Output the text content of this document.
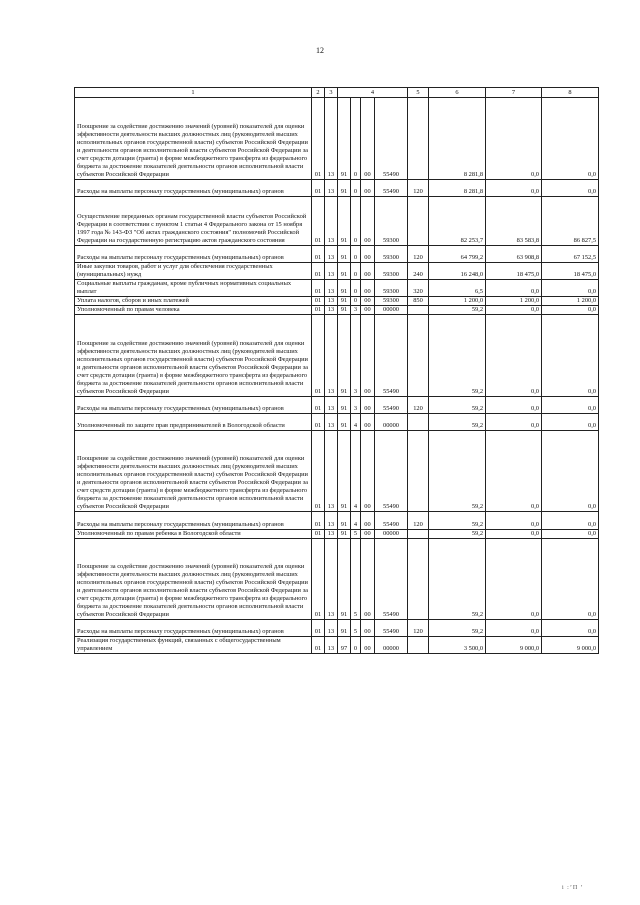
12
1	2	3	4				5	6	7	8
Поощрение за содействие достижению значений (уровней) показателей для оценки эффективности деятельности высших должностных лиц (руководителей высших исполнительных органов государственной власти) субъектов Российской Федерации и деятельности органов исполнительной власти субъектов Российской Федерации за счет средств дотации (гранта) в форме межбюджетного трансферта из федерального бюджета за достижение показателей деятельности органов исполнительной власти субъектов Российской Федерации	01	13	91	0	00	55490		8 281,8	0,0	0,0
Расходы на выплаты персоналу государственных (муниципальных) органов	01	13	91	0	00	55490	120	8 281,8	0,0	0,0
Осуществление переданных органам государственной власти субъектов Российской Федерации в соответствии с пунктом 1 статьи 4 Федерального закона от 15 ноября 1997 года № 143-ФЗ "Об актах гражданского состояния" полномочий Российской Федерации на государственную регистрацию актов гражданского состояния	01	13	91	0	00	59300		82 253,7	83 583,8	86 827,5
Расходы на выплаты персоналу государственных (муниципальных) органов	01	13	91	0	00	59300	120	64 799,2	63 908,8	67 152,5
Иные закупки товаров, работ и услуг для обеспечения государственных (муниципальных) нужд	01	13	91	0	00	59300	240	16 248,0	18 475,0	18 475,0
Социальные выплаты гражданам, кроме публичных нормативных социальных выплат	01	13	91	0	00	59300	320	6,5	0,0	0,0
Уплата налогов, сборов и иных платежей	01	13	91	0	00	59300	850	1 200,0	1 200,0	1 200,0
Уполномоченный по правам человека	01	13	91	3	00	00000		59,2	0,0	0,0
Поощрение за содействие достижению значений (уровней) показателей для оценки эффективности деятельности высших должностных лиц (руководителей высших исполнительных органов государственной власти) субъектов Российской Федерации и деятельности органов исполнительной власти субъектов Российской Федерации за счет средств дотации (гранта) в форме межбюджетного трансферта из федерального бюджета за достижение показателей деятельности органов исполнительной власти субъектов Российской Федерации	01	13	91	3	00	55490		59,2	0,0	0,0
Расходы на выплаты персоналу государственных (муниципальных) органов	01	13	91	3	00	55490	120	59,2	0,0	0,0
Уполномоченный по защите прав предпринимателей в Вологодской области	01	13	91	4	00	00000		59,2	0,0	0,0
Поощрение за содействие достижению значений (уровней) показателей для оценки эффективности деятельности высших должностных лиц (руководителей высших исполнительных органов государственной власти) субъектов Российской Федерации и деятельности органов исполнительной власти субъектов Российской Федерации за счет средств дотации (гранта) в форме межбюджетного трансферта из федерального бюджета за достижение показателей деятельности органов исполнительной власти субъектов Российской Федерации	01	13	91	4	00	55490		59,2	0,0	0,0
Расходы на выплаты персоналу государственных (муниципальных) органов	01	13	91	4	00	55490	120	59,2	0,0	0,0
Уполномоченный по правам ребенка в Вологодской области	01	13	91	5	00	00000		59,2	0,0	0,0
Поощрение за содействие достижению значений (уровней) показателей для оценки эффективности деятельности высших должностных лиц (руководителей высших исполнительных органов государственной власти) субъектов Российской Федерации и деятельности органов исполнительной власти субъектов Российской Федерации за счет средств дотации (гранта) в форме межбюджетного трансферта из федерального бюджета за достижение показателей деятельности органов исполнительной власти субъектов Российской Федерации	01	13	91	5	00	55490		59,2	0,0	0,0
Расходы на выплаты персоналу государственных (муниципальных) органов	01	13	91	5	00	55490	120	59,2	0,0	0,0
Реализация государственных функций, связанных с общегосударственным управлением	01	13	97	0	00	00000		3 500,0	9 000,0	9 000,0
i :’П ’
